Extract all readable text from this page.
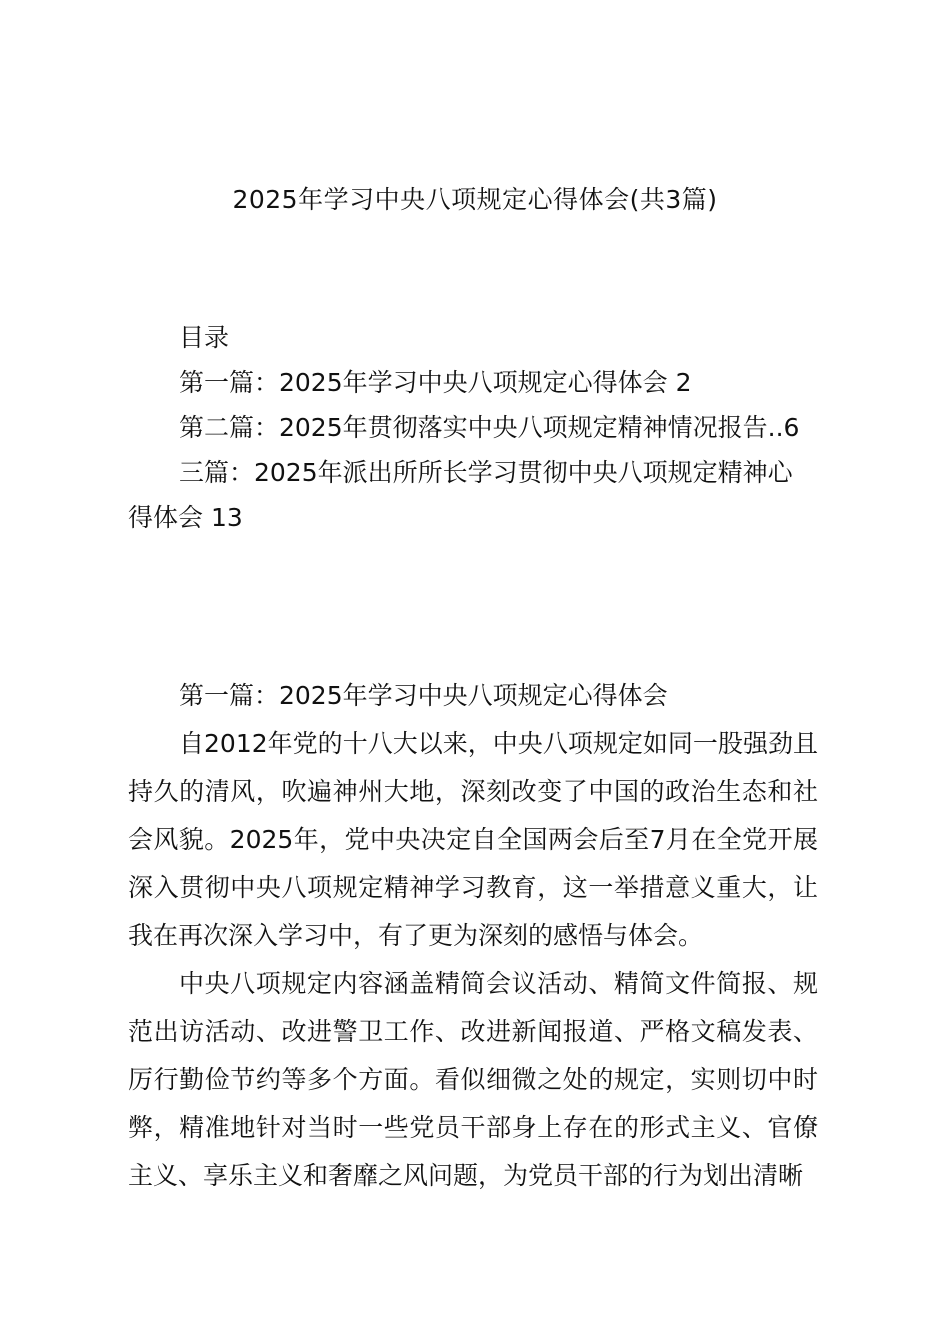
2025年学习中央八项规定心得体会(共3篇)
目录
第一篇：2025年学习中央八项规定心得体会 2
第二篇：2025年贯彻落实中央八项规定精神情况报告..6
三篇：2025年派出所所长学习贯彻中央八项规定精神心
得体会 13
第一篇：2025年学习中央八项规定心得体会

自2012年党的十八大以来，中央八项规定如同一股强劲且持久的清风，吹遍神州大地，深刻改变了中国的政治生态和社会风貌。2025年，党中央决定自全国两会后至7月在全党开展深入贯彻中央八项规定精神学习教育，这一举措意义重大，让我在再次深入学习中，有了更为深刻的感悟与体会。

中央八项规定内容涵盖精简会议活动、精简文件简报、规范出访活动、改进警卫工作、改进新闻报道、严格文稿发表、厉行勤俭节约等多个方面。看似细微之处的规定，实则切中时弊，精准地针对当时一些党员干部身上存在的形式主义、官僚主义、享乐主义和奢靡之风问题，为党员干部的行为划出清晰
